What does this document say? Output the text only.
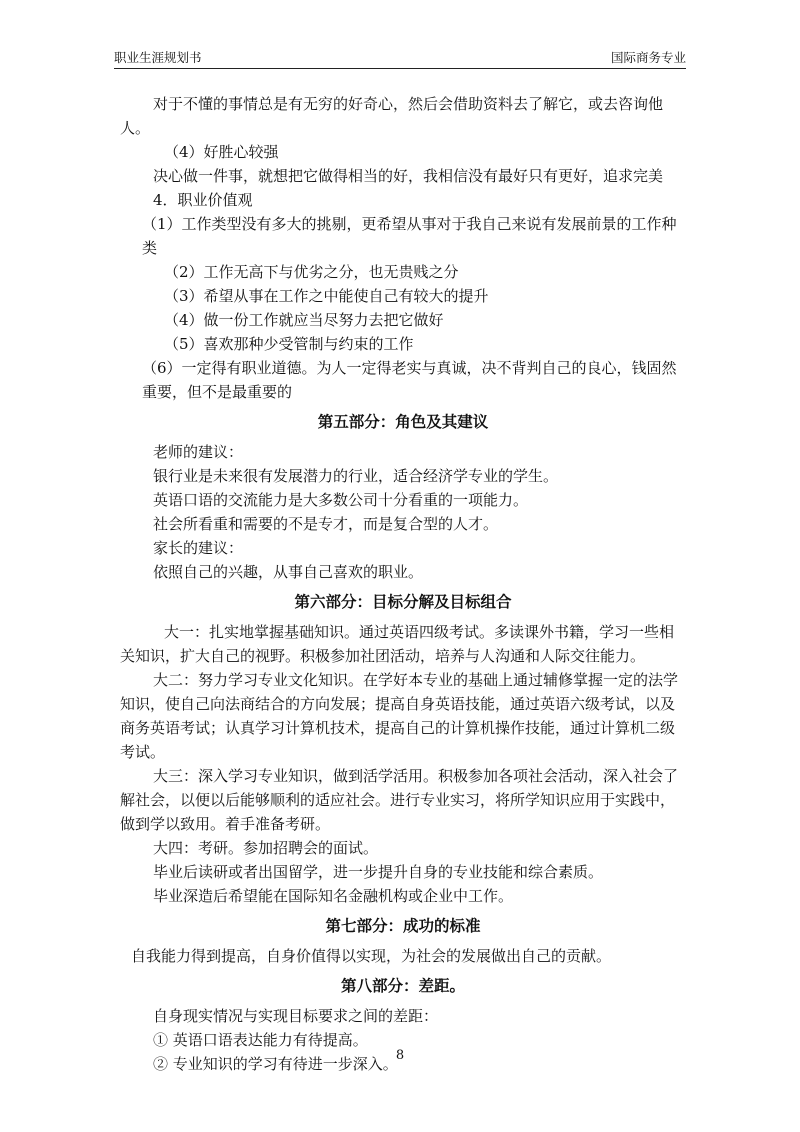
职业生涯规划书	国际商务专业

对于不懂的事情总是有无穷的好奇心，然后会借助资料去了解它，或去咨询他人。

（4）好胜心较强

决心做一件事，就想把它做得相当的好，我相信没有最好只有更好，追求完美

4．职业价值观

（1）工作类型没有多大的挑剔，更希望从事对于我自己来说有发展前景的工作种类

（2）工作无高下与优劣之分，也无贵贱之分

（3）希望从事在工作之中能使自己有较大的提升

（4）做一份工作就应当尽努力去把它做好

（5）喜欢那种少受管制与约束的工作

（6）一定得有职业道德。为人一定得老实与真诚，决不背判自己的良心，钱固然重要，但不是最重要的

第五部分：角色及其建议

老师的建议：

银行业是未来很有发展潜力的行业，适合经济学专业的学生。

英语口语的交流能力是大多数公司十分看重的一项能力。

社会所看重和需要的不是专才，而是复合型的人才。

家长的建议：

依照自己的兴趣，从事自己喜欢的职业。

第六部分：目标分解及目标组合

大一：扎实地掌握基础知识。通过英语四级考试。多读课外书籍，学习一些相关知识，扩大自己的视野。积极参加社团活动，培养与人沟通和人际交往能力。

大二：努力学习专业文化知识。在学好本专业的基础上通过辅修掌握一定的法学知识，使自己向法商结合的方向发展；提高自身英语技能，通过英语六级考试，以及商务英语考试；认真学习计算机技术，提高自己的计算机操作技能，通过计算机二级考试。

大三：深入学习专业知识，做到活学活用。积极参加各项社会活动，深入社会了解社会，以便以后能够顺利的适应社会。进行专业实习，将所学知识应用于实践中，做到学以致用。着手准备考研。

大四：考研。参加招聘会的面试。

毕业后读研或者出国留学，进一步提升自身的专业技能和综合素质。

毕业深造后希望能在国际知名金融机构或企业中工作。

第七部分：成功的标准

自我能力得到提高，自身价值得以实现，为社会的发展做出自己的贡献。

第八部分：差距。

自身现实情况与实现目标要求之间的差距：

① 英语口语表达能力有待提高。

② 专业知识的学习有待进一步深入。

8
